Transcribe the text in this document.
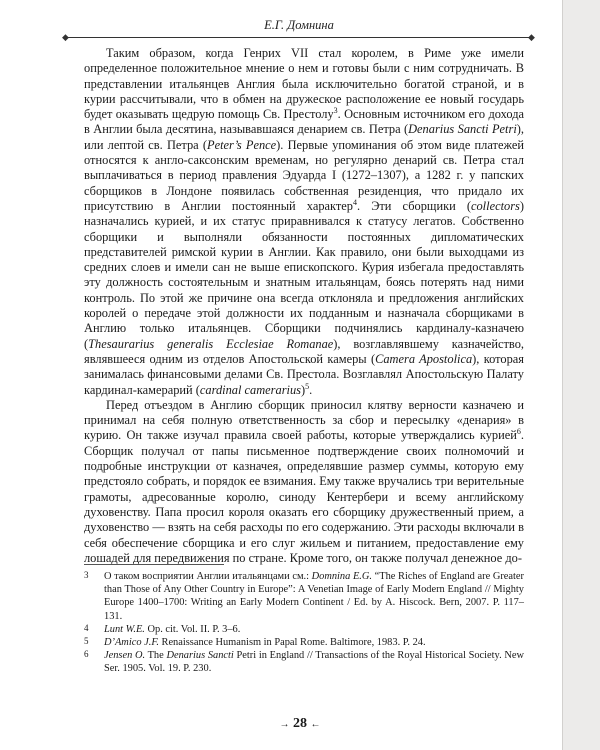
Е.Г. Домнина
◆	◆

Таким образом, когда Генрих VII стал королем, в Риме уже имели определенное положительное мнение о нем и готовы были с ним сотрудничать. В представлении итальянцев Англия была исключительно богатой страной, и в курии рассчитывали, что в обмен на дружеское расположение ее новый государь будет оказывать щедрую помощь Св. Престолу$^3$. Основным источником его дохода в Англии была десятина, называвшаяся денарием св. Петра (Denarius Sancti Petri), или лептой св. Петра (Peter’s Pence). Первые упоминания об этом виде платежей относятся к англо-саксонским временам, но регулярно денарий св. Петра стал выплачиваться в период правления Эдуарда I (1272–1307), а 1282 г. у папских сборщиков в Лондоне появилась собственная резиденция, что придало их присутствию в Англии постоянный характер$^4$. Эти сборщики (collectors) назначались курией, и их статус приравнивался к статусу легатов. Собственно сборщики и выполняли обязанности постоянных дипломатических представителей римской курии в Англии. Как правило, они были выходцами из средних слоев и имели сан не выше епископского. Курия избегала предоставлять эту должность состоятельным и знатным итальянцам, боясь потерять над ними контроль. По этой же причине она всегда отклоняла и предложения английских королей о передаче этой должности их подданным и назначала сборщиками в Англию только итальянцев. Сборщики подчинялись кардиналу-казначею (Thesaurarius generalis Ecclesiae Romanae), возглавлявшему казначейство, являвшееся одним из отделов Апостольской камеры (Camera Apostolica), которая занималась финансовыми делами Св. Престола. Возглавлял Апостольскую Палату кардинал-камерарий (cardinal camerarius)$^5$.

Перед отъездом в Англию сборщик приносил клятву верности казначею и принимал на себя полную ответственность за сбор и пересылку «денария» в курию. Он также изучал правила своей работы, которые утверждались курией$^6$. Сборщик получал от папы письменное подтверждение своих полномочий и подробные инструкции от казначея, определявшие размер суммы, которую ему предстояло собрать, и порядок ее взимания. Ему также вручались три верительные грамоты, адресованные королю, синоду Кентербери и всему английскому духовенству. Папа просил короля оказать его сборщику дружественный прием, а духовенство — взять на себя расходы по его содержанию. Эти расходы включали в себя обеспечение сборщика и его слуг жильем и питанием, предоставление ему лошадей для передвижения по стране. Кроме того, он также получал денежное до-

3 О таком восприятии Англии итальянцами см.: Domnina E.G. “The Riches of England are Greater than Those of Any Other Country in Europe”: A Venetian Image of Early Modern England // Mighty Europe 1400–1700: Writing an Early Modern Continent / Ed. by A. Hiscock. Bern, 2007. P. 117–131.
4 Lunt W.E. Op. cit. Vol. II. P. 3–6.
5 D’Amico J.F. Renaissance Humanism in Papal Rome. Baltimore, 1983. P. 24.
6 Jensen O. The Denarius Sancti Petri in England // Transactions of the Royal Historical Society. New Ser. 1905. Vol. 19. P. 230.
→ 28 ←
